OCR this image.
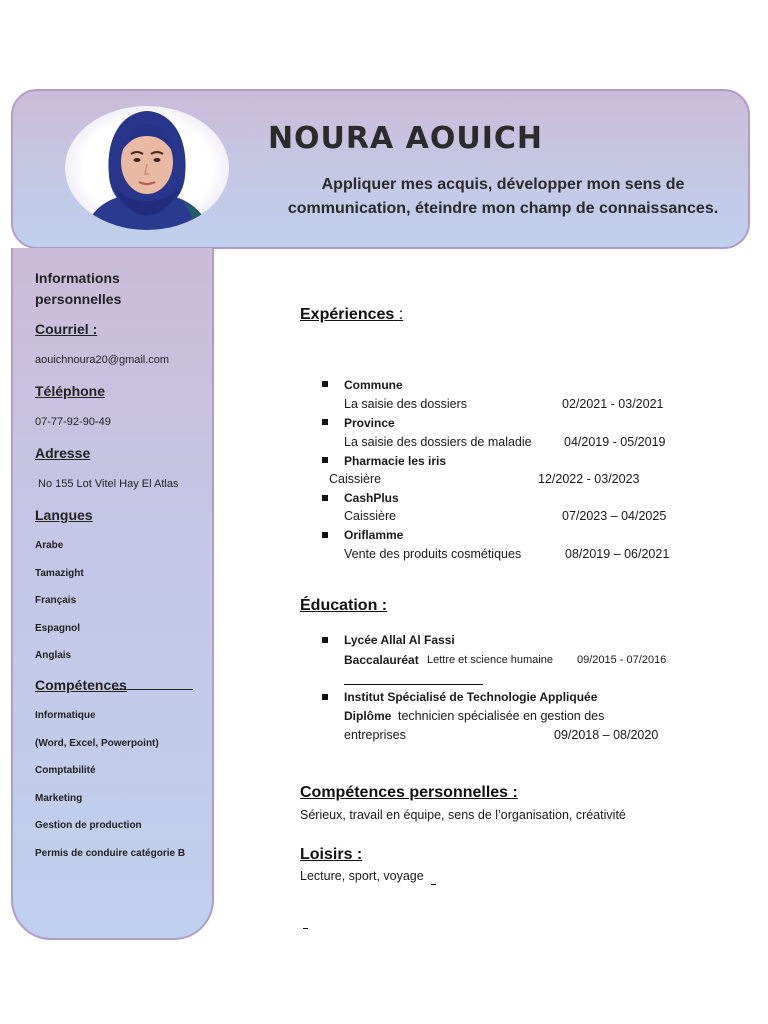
NOURA AOUICH
Appliquer mes acquis, développer mon sens de
communication, éteindre mon champ de connaissances.
Informations
personnelles
Courriel :
aouichnoura20@gmail.com
Téléphone
07-77-92-90-49
Adresse
No 155 Lot Vitel Hay El Atlas
Langues
Arabe
Tamazight
Français
Espagnol
Anglais
Compétences
Informatique
(Word, Excel, Powerpoint)
Comptabilité
Marketing
Gestion de production
Permis de conduire catégorie B
Expériences :
Commune
La saisie des dossiers	02/2021 - 03/2021
Province
La saisie des dossiers de maladie	04/2019 - 05/2019
Pharmacie les iris
Caissière	12/2022 - 03/2023
CashPlus
Caissière	07/2023 – 04/2025
Oriflamme
Vente des produits cosmétiques	08/2019 – 06/2021
Éducation :
Lycée Allal Al Fassi
Baccalauréat Lettre et science humaine 09/2015 - 07/2016
Institut Spécialisé de Technologie Appliquée
Diplôme technicien spécialisée en gestion des
entreprises	09/2018 – 08/2020
Compétences personnelles :
Sérieux, travail en équipe, sens de l’organisation, créativité
Loisirs :
Lecture, sport, voyage
